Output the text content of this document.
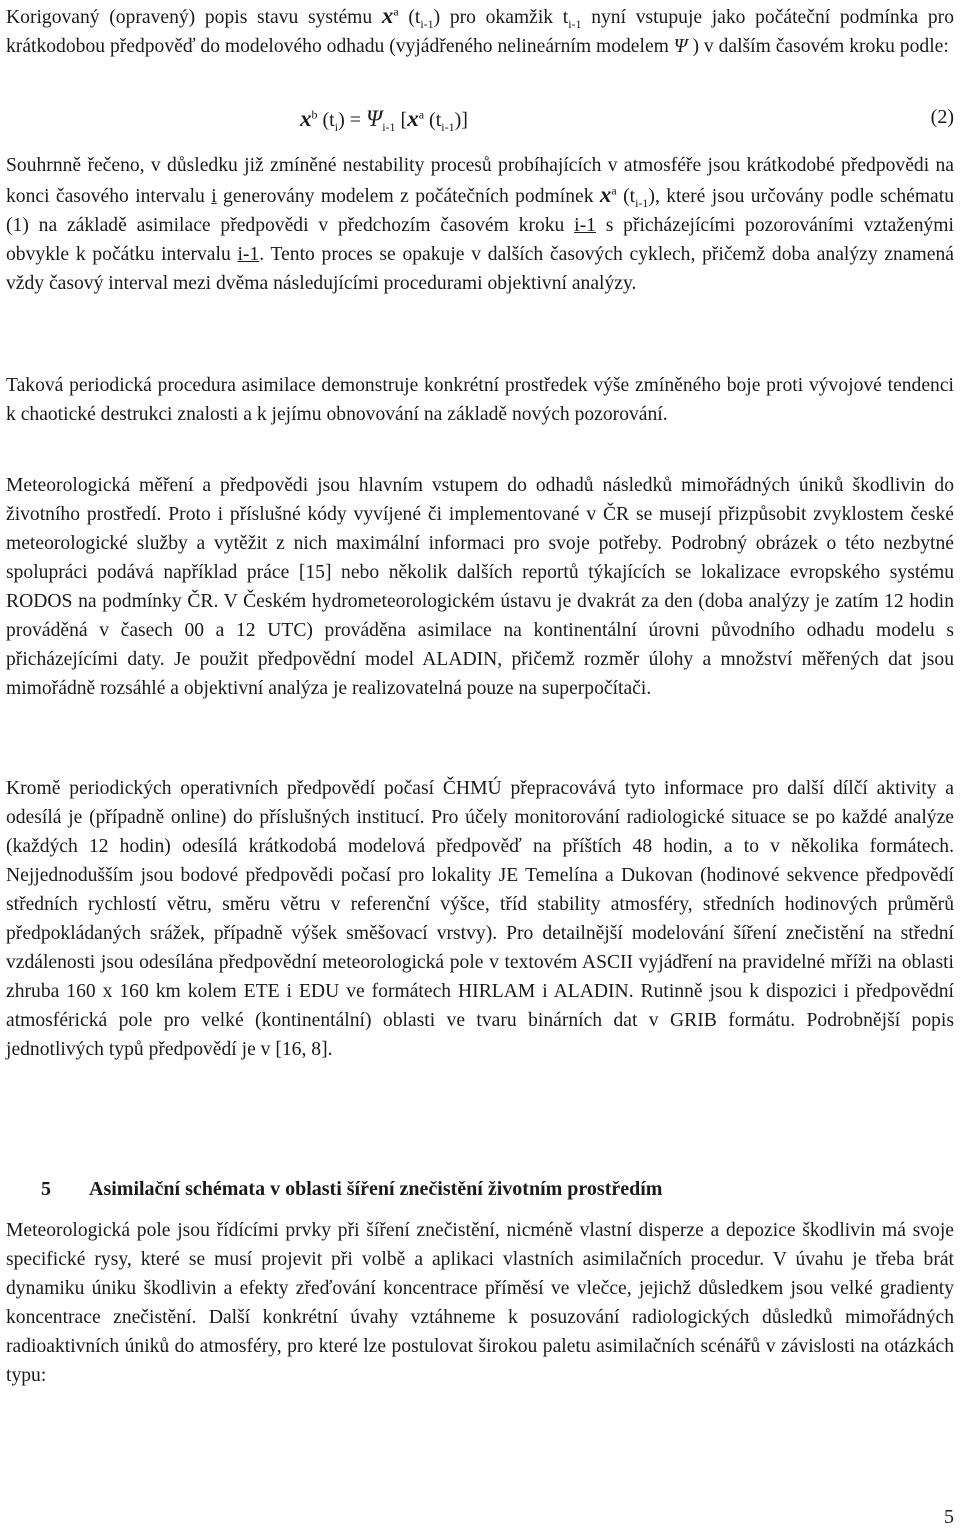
Korigovaný (opravený) popis stavu systému $x^a$ $(t_{i-1})$ pro okamžik $t_{i-1}$ nyní vstupuje jako počáteční podmínka pro krátkodobou předpověď do modelového odhadu (vyjádřeného nelineárním modelem Ψ ) v dalším časovém kroku podle:

$x^b$ $(t_i) = \Psi_{i-1}$ [$x^a$ $(t_{i-1})$]	(2)

Souhrnně řečeno, v důsledku již zmíněné nestability procesů probíhajících v atmosféře jsou krátkodobé předpovědi na konci časového intervalu i generovány modelem z počátečních podmínek $x^a$ $(t_{i-1})$, které jsou určovány podle schématu (1) na základě asimilace předpovědi v předchozím časovém kroku i-1 s přicházejícími pozorováními vztaženými obvykle k počátku intervalu i-1. Tento proces se opakuje v dalších časových cyklech, přičemž doba analýzy znamená vždy časový interval mezi dvěma následujícími procedurami objektivní analýzy.

Taková periodická procedura asimilace demonstruje konkrétní prostředek výše zmíněného boje proti vývojové tendenci k chaotické destrukci znalosti a k jejímu obnovování na základě nových pozorování.

Meteorologická měření a předpovědi jsou hlavním vstupem do odhadů následků mimořádných úniků škodlivin do životního prostředí. Proto i příslušné kódy vyvíjené či implementované v ČR se musejí přizpůsobit zvyklostem české meteorologické služby a vytěžit z nich maximální informaci pro svoje potřeby. Podrobný obrázek o této nezbytné spolupráci podává například práce [15] nebo několik dalších reportů týkajících se lokalizace evropského systému RODOS na podmínky ČR. V Českém hydrometeorologickém ústavu je dvakrát za den (doba analýzy je zatím 12 hodin prováděná v časech 00 a 12 UTC) prováděna asimilace na kontinentální úrovni původního odhadu modelu s přicházejícími daty. Je použit předpovědní model ALADIN, přičemž rozměr úlohy a množství měřených dat jsou mimořádně rozsáhlé a objektivní analýza je realizovatelná pouze na superpočítači.

Kromě periodických operativních předpovědí počasí ČHMÚ přepracovává tyto informace pro další dílčí aktivity a odesílá je (případně online) do příslušných institucí. Pro účely monitorování radiologické situace se po každé analýze (každých 12 hodin) odesílá krátkodobá modelová předpověď na příštích 48 hodin, a to v několika formátech. Nejjednodušším jsou bodové předpovědi počasí pro lokality JE Temelína a Dukovan (hodinové sekvence předpovědí středních rychlostí větru, směru větru v referenční výšce, tříd stability atmosféry, středních hodinových průměrů předpokládaných srážek, případně výšek směšovací vrstvy). Pro detailnější modelování šíření znečistění na střední vzdálenosti jsou odesílána předpovědní meteorologická pole v textovém ASCII vyjádření na pravidelné mříži na oblasti zhruba 160 x 160 km kolem ETE i EDU ve formátech HIRLAM i ALADIN. Rutinně jsou k dispozici i předpovědní atmosférická pole pro velké (kontinentální) oblasti ve tvaru binárních dat v GRIB formátu. Podrobnější popis jednotlivých typů předpovědí je v [16, 8].

5 Asimilační schémata v oblasti šíření znečistění životním prostředím

Meteorologická pole jsou řídícími prvky při šíření znečistění, nicméně vlastní disperze a depozice škodlivin má svoje specifické rysy, které se musí projevit při volbě a aplikaci vlastních asimilačních procedur. V úvahu je třeba brát dynamiku úniku škodlivin a efekty zřeďování koncentrace příměsí ve vlečce, jejichž důsledkem jsou velké gradienty koncentrace znečistění. Další konkrétní úvahy vztáhneme k posuzování radiologických důsledků mimořádných radioaktivních úniků do atmosféry, pro které lze postulovat širokou paletu asimilačních scénářů v závislosti na otázkách typu:

5
